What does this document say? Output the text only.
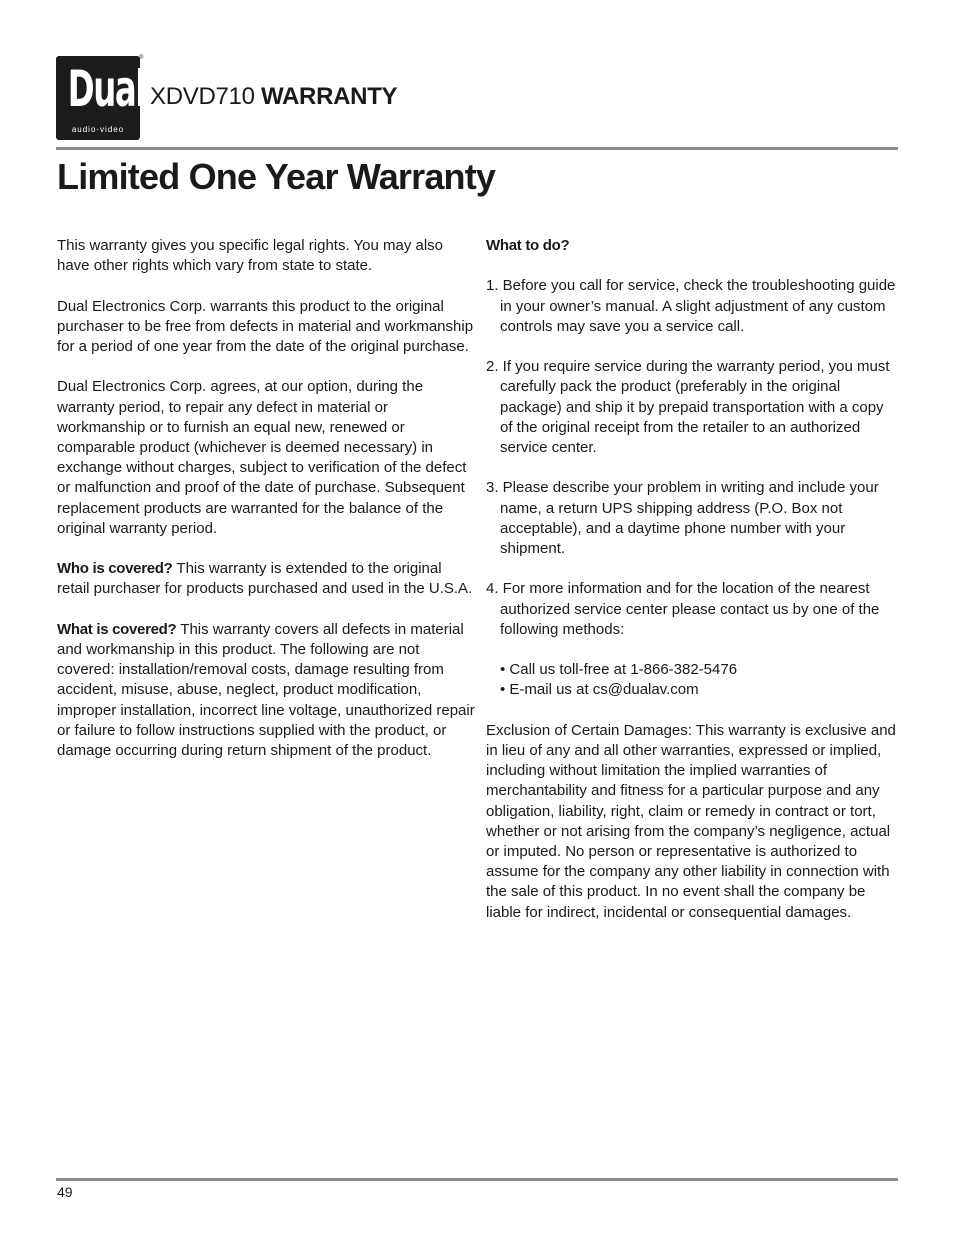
Dual
audio·video
®
XDVD710 WARRANTY
Limited One Year Warranty

This warranty gives you specific legal rights. You may also have other rights which vary from state to state.

Dual Electronics Corp. warrants this product to the original purchaser to be free from defects in material and workmanship for a period of one year from the date of the original purchase.

Dual Electronics Corp. agrees, at our option, during the warranty period, to repair any defect in material or workmanship or to furnish an equal new, renewed or comparable product (whichever is deemed necessary) in exchange without charges, subject to verification of the defect or malfunction and proof of the date of purchase. Subsequent replacement products are warranted for the balance of the original warranty period.

Who is covered? This warranty is extended to the original retail purchaser for products purchased and used in the U.S.A.

What is covered? This warranty covers all defects in material and workmanship in this product. The following are not covered: installation/removal costs, damage resulting from accident, misuse, abuse, neglect, product modification, improper installation, incorrect line voltage, unauthorized repair or failure to follow instructions supplied with the product, or damage occurring during return shipment of the product.

What to do?

1. Before you call for service, check the troubleshooting guide in your owner’s manual. A slight adjustment of any custom controls may save you a service call.
2. If you require service during the warranty period, you must carefully pack the product (preferably in the original package) and ship it by prepaid transportation with a copy of the original receipt from the retailer to an authorized service center.
3. Please describe your problem in writing and include your name, a return UPS shipping address (P.O. Box not acceptable), and a daytime phone number with your shipment.
4. For more information and for the location of the nearest authorized service center please contact us by one of the following methods:
• Call us toll-free at 1-866-382-5476
• E-mail us at cs@dualav.com

Exclusion of Certain Damages: This warranty is exclusive and in lieu of any and all other warranties, expressed or implied, including without limitation the implied warranties of merchantability and fitness for a particular purpose and any obligation, liability, right, claim or remedy in contract or tort, whether or not arising from the company’s negligence, actual or imputed. No person or representative is authorized to assume for the company any other liability in connection with the sale of this product. In no event shall the company be liable for indirect, incidental or consequential damages.

49
